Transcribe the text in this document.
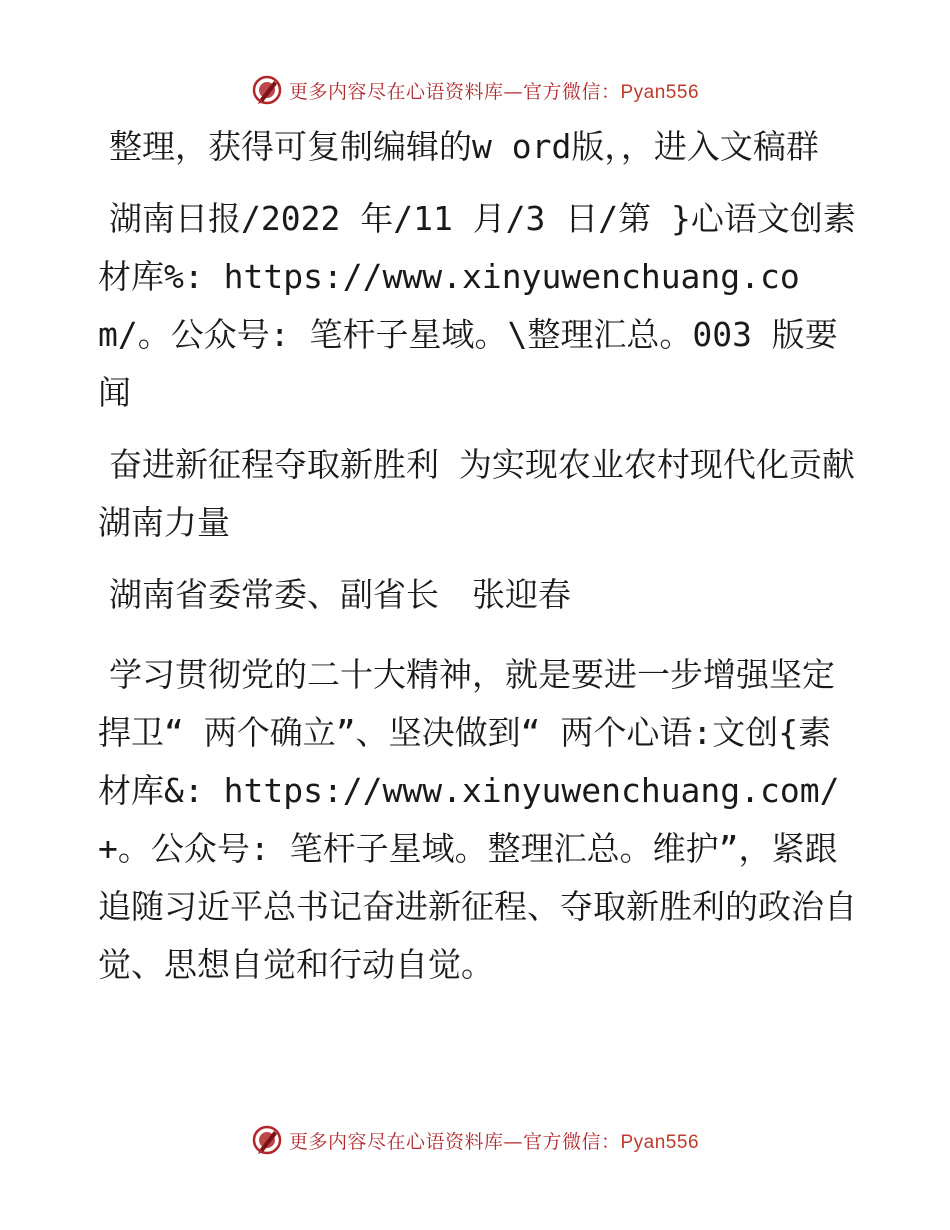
更多内容尽在心语资料库—官方微信：Pyan556

整理，获得可复制编辑的w ord版，，进入文稿群

湖南日报/2022 年/11 月/3 日/第 }心语文创素材库%: https://www.xinyuwenchuang.com/。公众号: 笔杆子星域。\整理汇总。003 版要闻

奋进新征程夺取新胜利 为实现农业农村现代化贡献湖南力量

湖南省委常委、副省长　张迎春

学习贯彻党的二十大精神，就是要进一步增强坚定捍卫“ 两个确立”、坚决做到“ 两个心语:文创{素材库&: https://www.xinyuwenchuang.com/+。公众号: 笔杆子星域。整理汇总。维护”，紧跟追随习近平总书记奋进新征程、夺取新胜利的政治自觉、思想自觉和行动自觉。

更多内容尽在心语资料库—官方微信：Pyan556
